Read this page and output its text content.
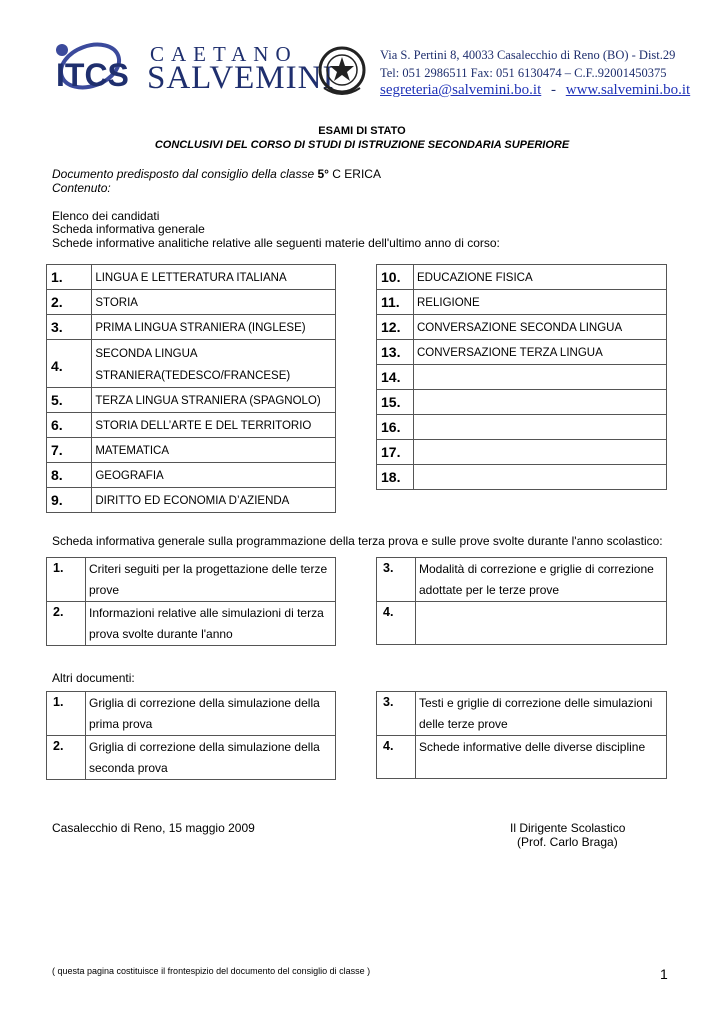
ITCS
CAETANO
SALVEMINI
Via S. Pertini 8, 40033 Casalecchio di Reno (BO) - Dist.29
Tel: 051 2986511 Fax: 051 6130474 – C.F..92001450375
segreteria@salvemini.bo.it - www.salvemini.bo.it
ESAMI DI STATO
CONCLUSIVI DEL CORSO DI STUDI DI ISTRUZIONE SECONDARIA SUPERIORE
Documento predisposto dal consiglio della classe 5° C ERICA
Contenuto:
Elenco dei candidati
Scheda informativa generale
Schede informative analitiche relative alle seguenti materie dell'ultimo anno di corso:
1.	LINGUA E LETTERATURA ITALIANA
2.	STORIA
3.	PRIMA LINGUA STRANIERA (INGLESE)
4.	SECONDA LINGUA STRANIERA(TEDESCO/FRANCESE)
5.	TERZA LINGUA STRANIERA (SPAGNOLO)
6.	STORIA DELL’ARTE E DEL TERRITORIO
7.	MATEMATICA
8.	GEOGRAFIA
9.	DIRITTO ED ECONOMIA D’AZIENDA
10.	EDUCAZIONE FISICA
11.	RELIGIONE
12.	CONVERSAZIONE SECONDA LINGUA
13.	CONVERSAZIONE TERZA LINGUA
14.	
15.	
16.	
17.	
18.	
Scheda informativa generale sulla programmazione della terza prova e sulle prove svolte durante l'anno scolastico:
1.	Criteri seguiti per la progettazione delle terze
prove

2.	Informazioni relative alle simulazioni di terza
prova svolte durante l'anno
3.	Modalità di correzione e griglie di correzione
adottate per le terze prove

4.	
Altri documenti:
1.	Griglia di correzione della simulazione della
prima prova

2.	Griglia di correzione della simulazione della
seconda prova
3.	Testi e griglie di correzione delle simulazioni
delle terze prove

4.	Schede informative delle diverse discipline
Casalecchio di Reno, 15 maggio 2009	Il Dirigente Scolastico
(Prof. Carlo Braga)
( questa pagina costituisce il frontespizio del documento del consiglio di classe )	1
